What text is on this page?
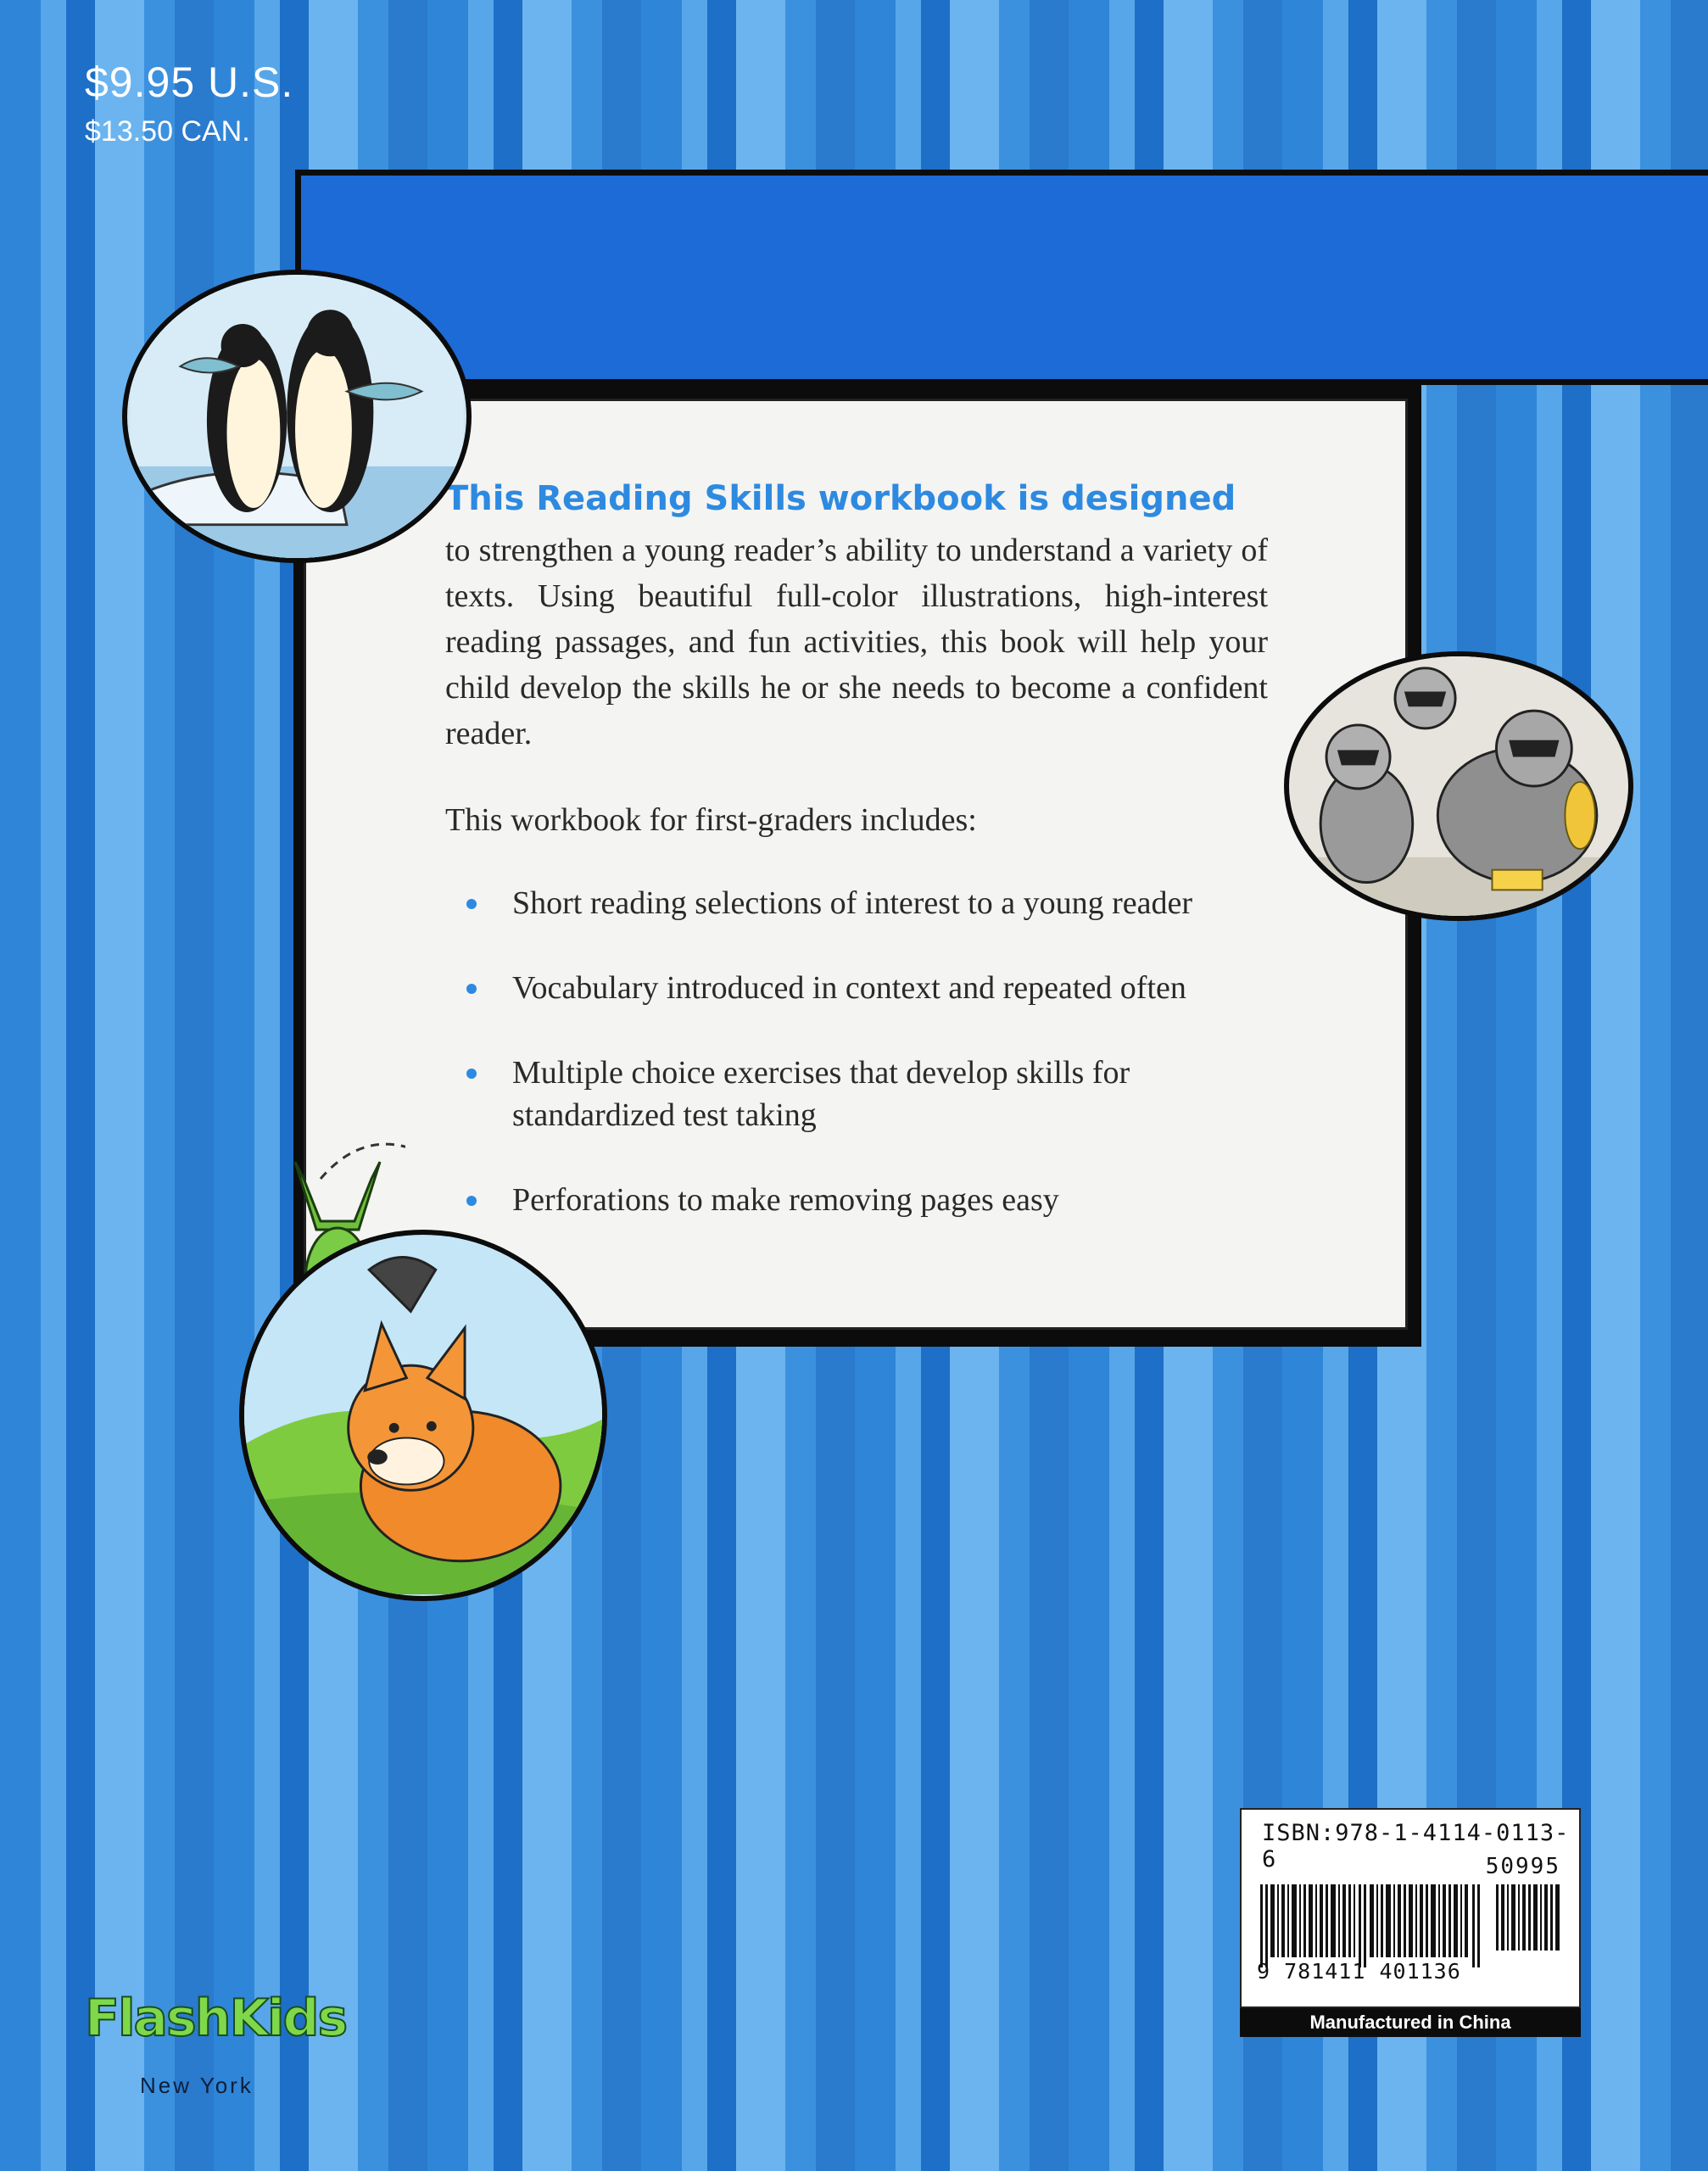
$9.95 U.S.
$13.50 CAN.
This Reading Skills workbook is designed
to strengthen a young reader’s ability to understand a variety of texts. Using beautiful full-color illustrations, high-interest reading passages, and fun activities, this book will help your child develop the skills he or she needs to become a confident reader.
This workbook for first-graders includes:
Short reading selections of interest to a young reader
Vocabulary introduced in context and repeated often
Multiple choice exercises that develop skills for standardized test taking
Perforations to make removing pages easy
ISBN:978-1-4114-0113-6	50995
9 781411 401136
Manufactured in China
FlashKids
New York
